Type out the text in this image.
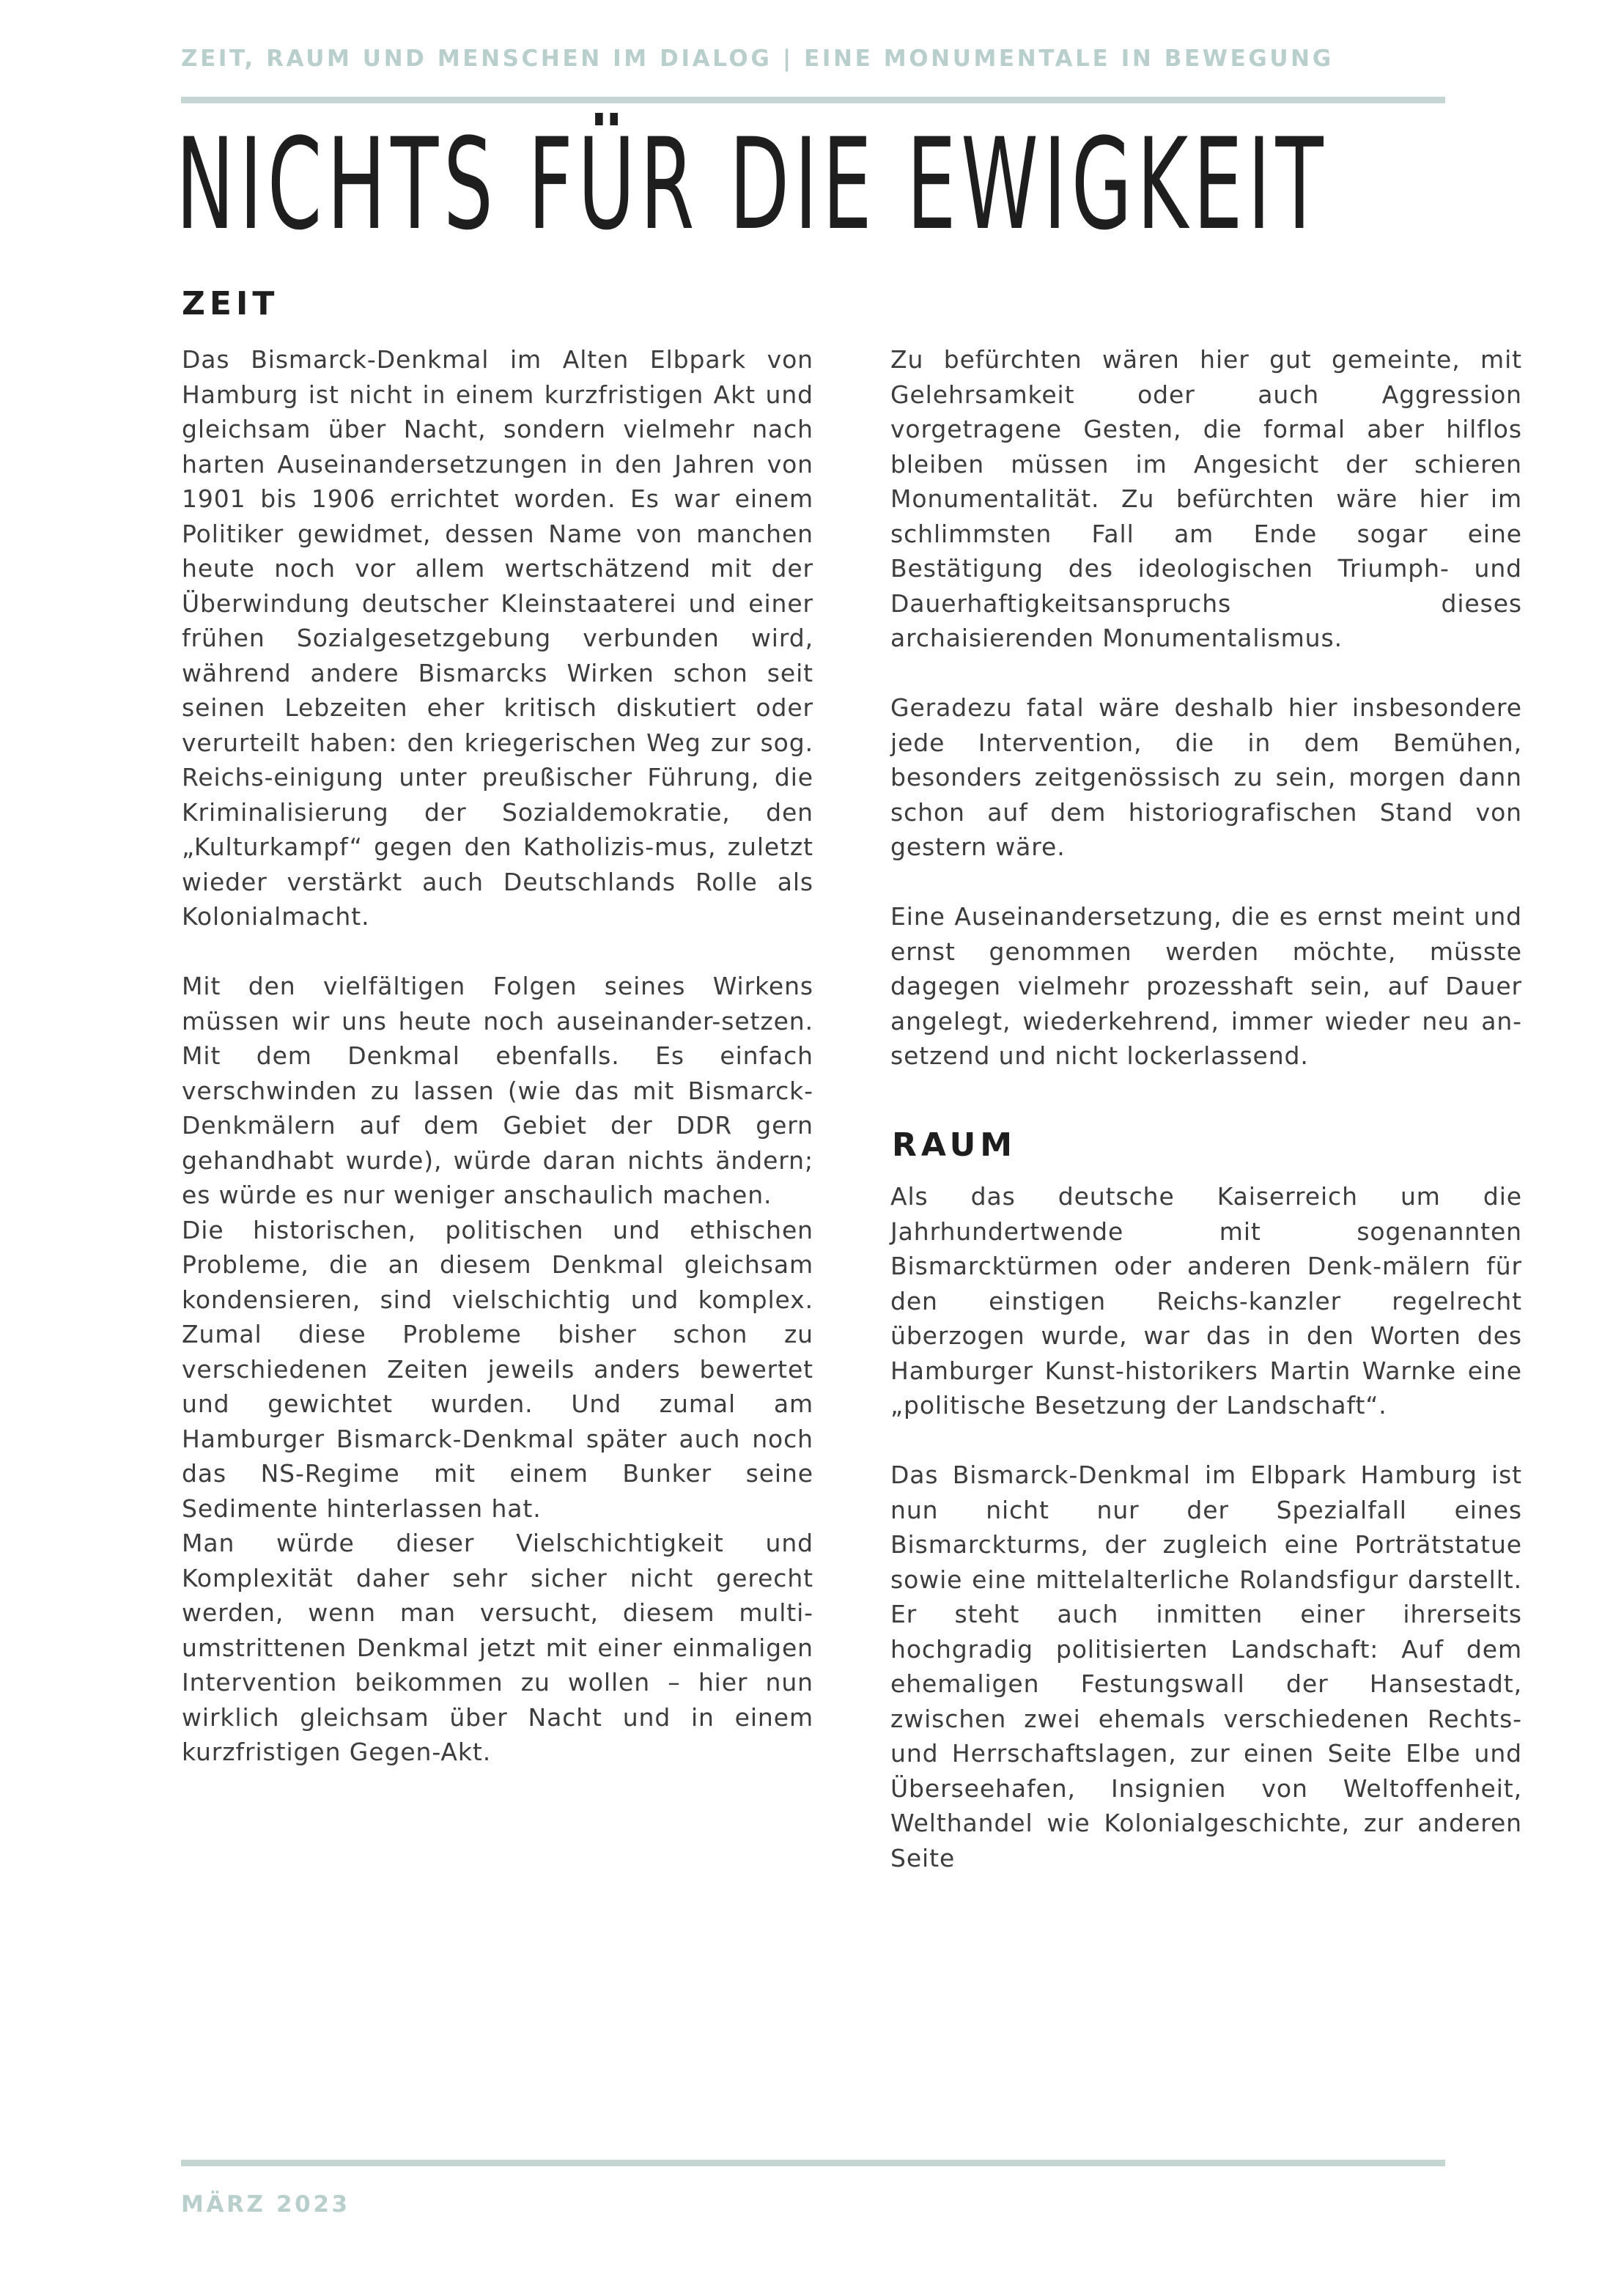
ZEIT, RAUM UND MENSCHEN IM DIALOG | EINE MONUMENTALE IN BEWEGUNG
NICHTS FÜR DIE EWIGKEIT
ZEIT

Das Bismarck-Denkmal im Alten Elbpark von Hamburg ist nicht in einem kurzfristigen Akt und gleichsam über Nacht, sondern vielmehr nach harten Auseinandersetzungen in den Jahren von 1901 bis 1906 errichtet worden. Es war einem Politiker gewidmet, dessen Name von manchen heute noch vor allem wertschätzend mit der Überwindung deutscher Kleinstaaterei und einer frühen Sozialgesetzgebung verbunden wird, während andere Bismarcks Wirken schon seit seinen Lebzeiten eher kritisch diskutiert oder verurteilt haben: den kriegerischen Weg zur sog. Reichs-einigung unter preußischer Führung, die Kriminalisierung der Sozialdemokratie, den „Kulturkampf“ gegen den Katholizis-mus, zuletzt wieder verstärkt auch Deutschlands Rolle als Kolonialmacht.

Mit den vielfältigen Folgen seines Wirkens müssen wir uns heute noch auseinander-setzen. Mit dem Denkmal ebenfalls. Es einfach verschwinden zu lassen (wie das mit Bismarck-Denkmälern auf dem Gebiet der DDR gern gehandhabt wurde), würde daran nichts ändern; es würde es nur weniger anschaulich machen.

Die historischen, politischen und ethischen Probleme, die an diesem Denkmal gleichsam kondensieren, sind vielschichtig und komplex. Zumal diese Probleme bisher schon zu verschiedenen Zeiten jeweils anders bewertet und gewichtet wurden. Und zumal am Hamburger Bismarck-Denkmal später auch noch das NS-Regime mit einem Bunker seine Sedimente hinterlassen hat.

Man würde dieser Vielschichtigkeit und Komplexität daher sehr sicher nicht gerecht werden, wenn man versucht, diesem multi-umstrittenen Denkmal jetzt mit einer einmaligen Intervention beikommen zu wollen – hier nun wirklich gleichsam über Nacht und in einem kurzfristigen Gegen-Akt.

Zu befürchten wären hier gut gemeinte, mit Gelehrsamkeit oder auch Aggression vorgetragene Gesten, die formal aber hilflos bleiben müssen im Angesicht der schieren Monumentalität. Zu befürchten wäre hier im schlimmsten Fall am Ende sogar eine Bestätigung des ideologischen Triumph- und Dauerhaftigkeitsanspruchs dieses archaisierenden Monumentalismus.

Geradezu fatal wäre deshalb hier insbesondere jede Intervention, die in dem Bemühen, besonders zeitgenössisch zu sein, morgen dann schon auf dem historiografischen Stand von gestern wäre.

Eine Auseinandersetzung, die es ernst meint und ernst genommen werden möchte, müsste dagegen vielmehr prozesshaft sein, auf Dauer angelegt, wiederkehrend, immer wieder neu an-setzend und nicht lockerlassend.

RAUM

Als das deutsche Kaiserreich um die Jahrhundertwende mit sogenannten Bismarcktürmen oder anderen Denk-mälern für den einstigen Reichs-kanzler regelrecht überzogen wurde, war das in den Worten des Hamburger Kunst-historikers Martin Warnke eine „politische Besetzung der Landschaft“.

Das Bismarck-Denkmal im Elbpark Hamburg ist nun nicht nur der Spezialfall eines Bismarckturms, der zugleich eine Porträtstatue sowie eine mittelalterliche Rolandsfigur darstellt. Er steht auch inmitten einer ihrerseits hochgradig politisierten Landschaft: Auf dem ehemaligen Festungswall der Hansestadt, zwischen zwei ehemals verschiedenen Rechts- und Herrschaftslagen, zur einen Seite Elbe und Überseehafen, Insignien von Weltoffenheit, Welthandel wie Kolonialgeschichte, zur anderen Seite

MÄRZ 2023
